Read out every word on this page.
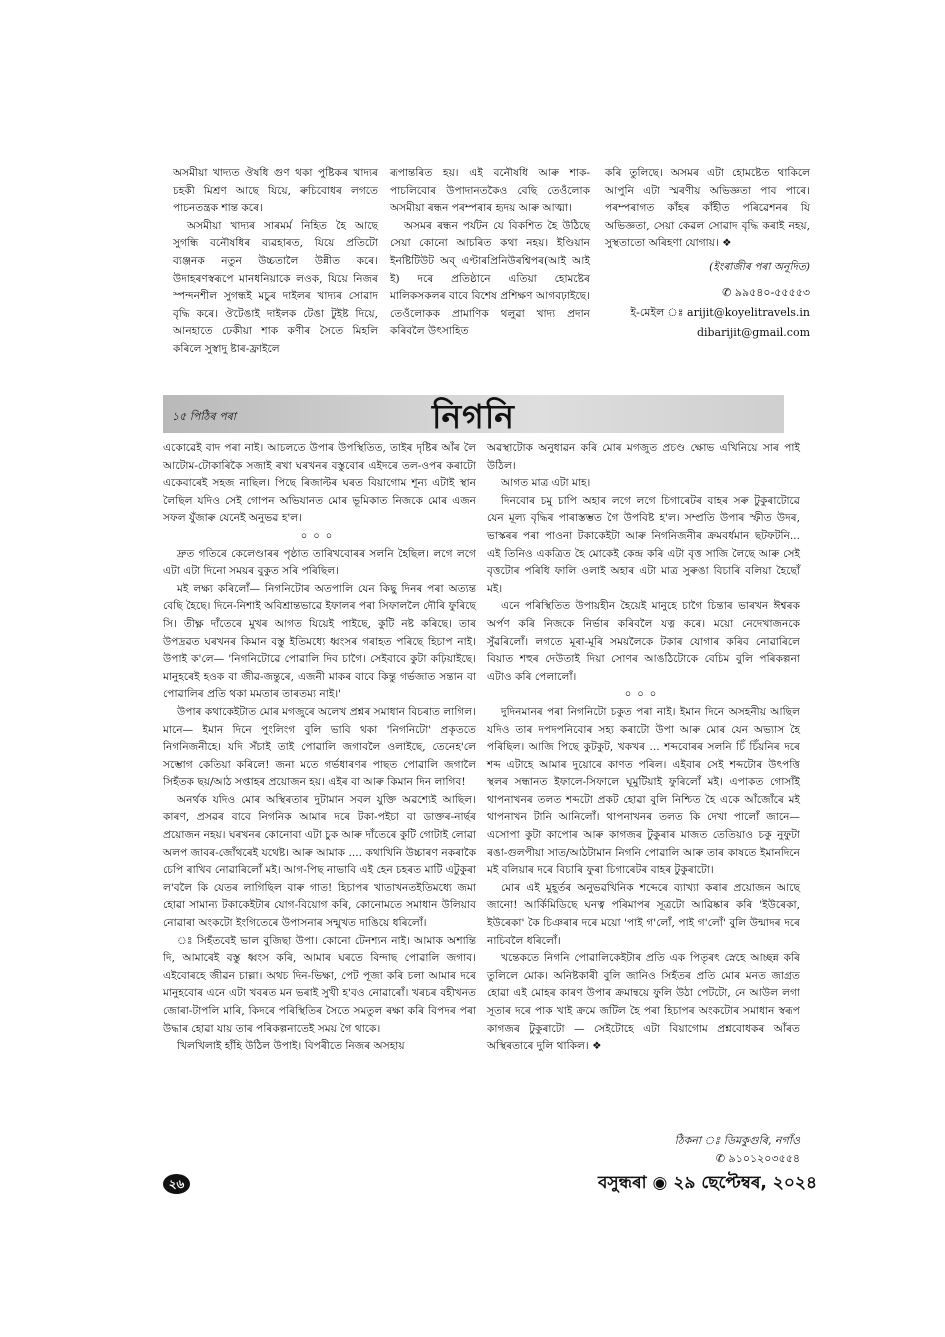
অসমীয়া খাদ্যত ঔষধি গুণ থকা পুষ্টিকৰ খাদ্যৰ চহকী মিশ্ৰণ আছে যিয়ে, ৰুচিবোধৰ লগতে পাচনতন্ত্ৰক শান্ত কৰে।

অসমীয়া খাদ্যৰ সাৰমৰ্ম নিহিত হৈ আছে সুগন্ধি বনৌষধিৰ ব্যৱহাৰত, যিয়ে প্ৰতিটো ব্যঞ্জনক নতুন উচ্চতালৈ উন্নীত কৰে। উদাহৰণস্বৰূপে মানধনিয়াকে লওক, যিয়ে নিজৰ স্পন্দনশীল সুগন্ধই মচুৰ দাইলৰ খাদ্যৰ সোৱাদ বৃদ্ধি কৰে। ঔটেঙাই দাইলক টেঙা টুইষ্ট দিয়ে, আনহাতে ঢেকীয়া শাক কণীৰ সৈতে মিহলি কৰিলে সুস্বাদু ষ্টাৰ-ফ্ৰাইলে

ৰূপান্তৰিত হয়। এই বনৌষধি আৰু শাক-পাচলিবোৰ উপাদানতকৈও বেছি তেওঁলোক অসমীয়া ৰন্ধন পৰম্পৰাৰ হৃদয় আৰু আত্মা।

অসমৰ ৰন্ধন পৰ্যটন যে বিকশিত হৈ উঠিছে সেয়া কোনো আচৰিত কথা নহয়। ইণ্ডিয়ান ইনষ্টিটিউট অব্ এণ্টাৰপ্ৰিনিউৰশ্বিপৰ(আই আই ই) দৰে প্ৰতিষ্ঠানে এতিয়া হোমষ্টেৰ মালিকসকলৰ বাবে বিশেষ প্ৰশিক্ষণ আগবঢ়াইছে। তেওঁলোকক প্ৰামাণিক থলুৱা খাদ্য প্ৰদান কৰিবলৈ উৎসাহিত

কৰি তুলিছে। অসমৰ এটা হোমষ্টেত থাকিলে আপুনি এটা স্মৰণীয় অভিজ্ঞতা পাব পাৰে। পৰম্পৰাগত কাঁহৰ কাঁহীত পৰিৱেশনৰ যি অভিজ্ঞতা, সেয়া কেৱল সোৱাদ বৃদ্ধি কৰাই নহয়, সুস্থতাতো অৰিহণা যোগায়। ❖

(ইংৰাজীৰ পৰা অনূদিত)
✆ ৯৯৫৪০-৫৫৫৫৩
ই-মেইল ঃ arijit@koyelitravels.in
dibarijit@gmail.com
নিগনি
১৫ পিঠিৰ পৰা

একোৱেই বাদ পৰা নাই। আচলতে উপাৰ উপস্থিতিত, তাইৰ দৃষ্টিৰ আঁৰ লৈ আটোম-টোকাৰিকৈ সজাই ৰখা ঘৰখনৰ বস্তুবোৰ এইদৰে তল-ওপৰ কৰাটো একেবাৰেই সহজ নাছিল। পিছে ৰিজাল্টৰ ঘৰত বিয়াগোম শূন্য এটাই স্থান লৈছিল যদিও সেই গোপন অভিযানত মোৰ ভূমিকাত নিজকে মোৰ এজন সফল যুঁজাৰু যেনেই অনুভৱ হ'ল।

০০০

দ্ৰুত গতিৰে কেলেণ্ডাৰৰ পৃষ্ঠাত তাৰিখবোৰৰ সলনি হৈছিল। লগে লগে এটা এটা দিনো সময়ৰ বুকুত সৰি পৰিছিল।

মই লক্ষ্য কৰিলোঁ— নিগনিটোৰ অতপালি যেন কিছু দিনৰ পৰা অত্যন্ত বেছি হৈছে। দিনে-নিশাই অবিশ্ৰান্তভাৱে ইফালৰ পৰা সিফাললৈ দৌৰি ফুৰিছে সি। তীক্ষ্ণ দাঁতেৰে মুখৰ আগত যিয়েই পাইছে, কুটি নষ্ট কৰিছে। তাৰ উপদ্ৰৱত ঘৰখনৰ কিমান বস্তু ইতিমধ্যে ধ্বংসৰ গৰাহত পৰিছে হিচাপ নাই। উপাই ক'লে— 'নিগনিটোৱে পোৱালি দিব চাগৈ। সেইবাবে কুটা কঢ়িয়াইছে। মানুহৰেই হওক বা জীৱ-জন্তুৰে, এজনী মাকৰ বাবে কিন্তু গৰ্ভজাত সন্তান বা পোৱালিৰ প্ৰতি থকা মমতাৰ তাৰতম্য নাই।'

উপাৰ কথাকেইটাত মোৰ মগজুৰে অলেখ প্ৰশ্নৰ সমাধান বিচৰাত লাগিল। মানে— ইমান দিনে পুংলিংগ বুলি ভাবি থকা 'নিগনিটো' প্ৰকৃততে নিগনিজনীহে। যদি সঁচাই তাই পোৱালি জগাবলৈ ওলাইছে, তেনেহ'লে সম্ভোগ কেতিয়া কৰিলে! জনা মতে গৰ্ভধাৰণৰ পাছত পোৱালি জগালৈ সিহঁতক ছয়/আঠ সপ্তাহৰ প্ৰয়োজন হয়। এইৰ বা আৰু কিমান দিন লাগিব!

অনৰ্থক যদিও মোৰ অস্থিৰতাৰ দুটামান সবল যুক্তি অৱশ্যেই আছিল। কাৰণ, প্ৰসৱৰ বাবে নিগনিক আমাৰ দৰে টকা-পইচা বা ডাক্তৰ-নাৰ্ছৰ প্ৰয়োজন নহয়। ঘৰখনৰ কোনোবা এটা চুক আৰু দাঁতেৰে কুটি গোটাই লোৱা অলপ জাবৰ-জোঁথৰেই যথেষ্ট। আৰু আমাক .... কথাখিনি উচ্চাৰণ নকৰাকৈ চেপি ৰাখিব নোৱাৰিলোঁ মই। আগ-পিছ নাভাবি এই হেন চহৰত মাটি এটুকুৰা ল'বলৈ কি যেতৰ লাগিছিল বাৰু গাত! হিচাপৰ খাতাখনতইতিমধ্যে জমা হোৱা সামান্য টকাকেইটাৰ যোগ-বিয়োগ কৰি, কোনোমতে সমাধান উলিয়াব নোৱাৰা অংকটো ইংগিতেৰে উপাসনাৰ সন্মুখত দাঙিয়ে ধৰিলোঁ।

ঃ সিহঁতবেই ভাল বুজিছা উপা। কোনো টেনশ্যন নাই। আমাক অশান্তি দি, আমাৰেই বস্তু ধ্বংস কৰি, আমাৰ ঘৰতে বিন্দাছ পোৱালি জগাব। এইবোৰহে জীৱন চাল্লা। অথচ দিন-ভিক্ষা, পেট পূজা কৰি চলা আমাৰ দৰে মানুহবোৰ এনে এটা খবৰত মন ভৰাই সুখী হ'বও নোৱাৰোঁ। খৰচৰ বহীখনত জোৰা-টাপলি মাৰি, কিদৰে পৰিস্থিতিৰ সৈতে সমতুল ৰক্ষা কৰি বিপদৰ পৰা উদ্ধাৰ হোৱা যায় তাৰ পৰিকল্পনাতেই সময় গৈ থাকে।

খিলখিলাই হাঁহি উঠিল উপাই। বিপৰীতে নিজৰ অসহায়

অৱস্থাটোক অনুধাৱন কৰি মোৰ মগজুত প্ৰচণ্ড ক্ষোভ এখিনিয়ে সাৰ পাই উঠিল।

আগত মাত্ৰ এটা মাহ।

দিনবোৰ চমু চাপি অহাৰ লগে লগে চিগাৰেটৰ বাহৰ সৰু টুকুৰাটোৱে যেন মূল্য বৃদ্ধিৰ পাৰাস্তম্ভত গৈ উপবিষ্ট হ'ল। সম্প্ৰতি উপাৰ স্ফীত উদৰ, ভাস্কৰৰ পৰা পাওনা টকাকেইটা আৰু নিগনিজনীৰ ক্ৰমবৰ্ধমান ছটফটনি... এই তিনিও একত্ৰিত হৈ মোকেই কেন্দ্ৰ কৰি এটা বৃত্ত সাজি লৈছে আৰু সেই বৃত্তটোৰ পৰিধি ফালি ওলাই অহাৰ এটা মাত্ৰ সুৰুঙা বিচাৰি বলিয়া হৈছোঁ মই।

এনে পৰিস্থিতিত উপায়হীন হৈয়েই মানুহে চাগৈ চিন্তাৰ ভাৰখন ঈশ্বৰক অৰ্পণ কৰি নিজকে নিৰ্ভাৰ কৰিবলৈ যত্ন কৰে। ময়ো নেদেখাজনকে সুঁৱৰিলোঁ। লগতে মূৰা-মূৰি সময়লৈকে টকাৰ যোগাৰ কৰিব নোৱাৰিলে বিয়াত শহুৰ দেউতাই দিয়া সোণৰ আঙঠিটোকে বেচিম বুলি পৰিকল্পনা এটাও কৰি পেলালোঁ।

০০০

দুদিনমানৰ পৰা নিগনিটো চকুত পৰা নাই। ইমান দিনে অসহনীয় আছিল যদিও তাৰ দপদপনিবোৰ সহ্য কৰাটো উপা আৰু মোৰ যেন অভ্যাস হৈ পৰিছিল। আজি পিছে কুটকুট, খকখৰ ... শব্দবোৰৰ সলনি চিঁ চিঁয়নিৰ দৰে শব্দ এটাহে আমাৰ দুয়োৰে কাণত পৰিল। এইবাৰ সেই শব্দটোৰ উৎপত্তি স্থলৰ সন্ধানত ইফালে-সিফালে ঘূমুটিয়াই ফুৰিলোঁ মই। এপাকত গোসাঁই থাপনাখনৰ তলত শব্দটো প্ৰকট হোৱা বুলি নিশ্চিত হৈ একে আঁজোঁৰে মই থাপনাখন টানি আনিলোঁ। থাপনাখনৰ তলত কি দেখা পালোঁ জানে— এসোপা কুটা কাপোৰ আৰু কাগজৰ টুকুৰাৰ মাজত তেতিয়াও চকু নুফুটা ৰঙা-গুলপীয়া সাত/আঠটামান নিগনি পোৱালি আৰু তাৰ কাষতে ইমানদিনে মই বলিয়াৰ দৰে বিচাৰি ফুৰা চিগাৰেটৰ বাহৰ টুকুৰাটো।

মোৰ এই মুহূৰ্তৰ অনুভৱখিনিক শব্দেৰে ব্যাখ্যা কৰাৰ প্ৰয়োজন আছে জানো! আৰ্কিমিডিছে ঘনত্ব পৰিমাপৰ সূত্ৰটো আৱিষ্কাৰ কৰি 'ইউৰেকা, ইউৰেকা' কৈ চিঞৰাৰ দৰে ময়ো 'পাই গ'লোঁ, পাই গ'লোঁ' বুলি উন্মাদৰ দৰে নাচিবলৈ ধৰিলোঁ।

খন্তেকতে নিগনি পোৱালিকেইটাৰ প্ৰতি এক পিতৃৰৎ স্নেহে আচ্ছন্ন কৰি তুলিলে মোক। অনিষ্টকাৰী বুলি জানিও সিহঁতৰ প্ৰতি মোৰ মনত জাগ্ৰত হোৱা এই মোহৰ কাৰণ উপাৰ ক্ৰমান্বয়ে ফুলি উঠা পেটটো, নে আউল লগা সূতাৰ দৰে পাক খাই ক্ৰমে জটিল হৈ পৰা হিচাপৰ অংকটোৰ সমাধান স্বৰূপ কাগজৰ টুকুৰাটো — সেইটোহে এটা বিয়াগোম প্ৰশ্নবোধকৰ আঁৰত অস্থিৰতাৰে দুলি থাকিল। ❖

ঠিকনা ঃ ডিমকুগুৰি, নগাঁও
✆ ৯১০১২০৩৫৫৪
২৬	বসুন্ধৰা ◉ ২৯ ছেপ্টেম্বৰ, ২০২৪
